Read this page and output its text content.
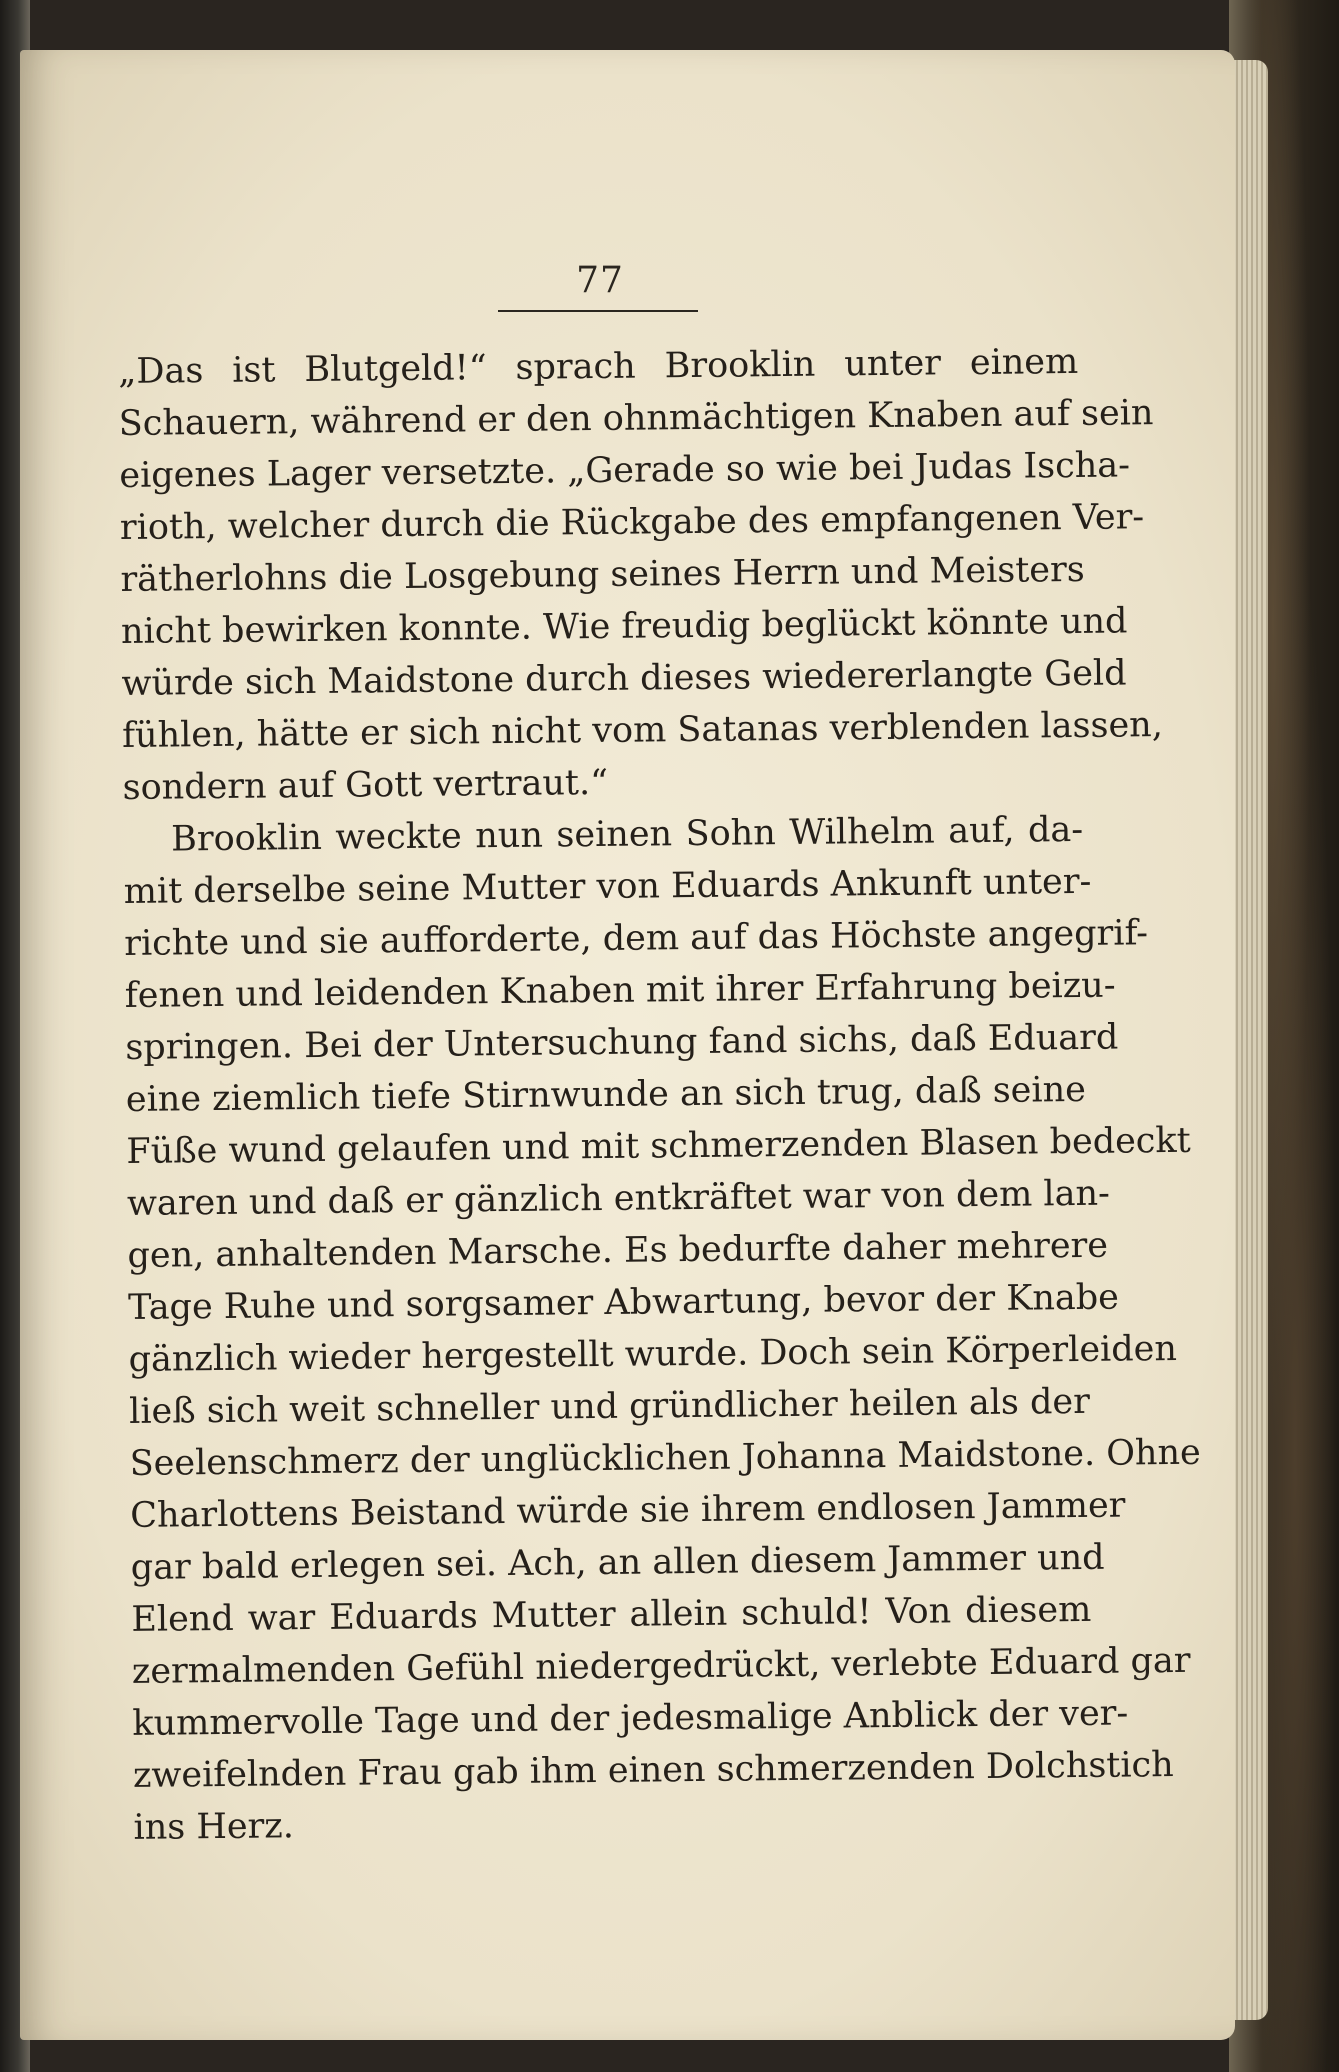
77
„Das ist Blutgeld!“ sprach Brooklin unter einem
Schauern, während er den ohnmächtigen Knaben auf sein
eigenes Lager versetzte. „Gerade so wie bei Judas Ischa-
rioth, welcher durch die Rückgabe des empfangenen Ver-
rätherlohns die Losgebung seines Herrn und Meisters
nicht bewirken konnte. Wie freudig beglückt könnte und
würde sich Maidstone durch dieses wiedererlangte Geld
fühlen, hätte er sich nicht vom Satanas verblenden lassen,
sondern auf Gott vertraut.“
Brooklin weckte nun seinen Sohn Wilhelm auf, da-
mit derselbe seine Mutter von Eduards Ankunft unter-
richte und sie aufforderte, dem auf das Höchste angegrif-
fenen und leidenden Knaben mit ihrer Erfahrung beizu-
springen. Bei der Untersuchung fand sichs, daß Eduard
eine ziemlich tiefe Stirnwunde an sich trug, daß seine
Füße wund gelaufen und mit schmerzenden Blasen bedeckt
waren und daß er gänzlich entkräftet war von dem lan-
gen, anhaltenden Marsche. Es bedurfte daher mehrere
Tage Ruhe und sorgsamer Abwartung, bevor der Knabe
gänzlich wieder hergestellt wurde. Doch sein Körperleiden
ließ sich weit schneller und gründlicher heilen als der
Seelenschmerz der unglücklichen Johanna Maidstone. Ohne
Charlottens Beistand würde sie ihrem endlosen Jammer
gar bald erlegen sei. Ach, an allen diesem Jammer und
Elend war Eduards Mutter allein schuld! Von diesem
zermalmenden Gefühl niedergedrückt, verlebte Eduard gar
kummervolle Tage und der jedesmalige Anblick der ver-
zweifelnden Frau gab ihm einen schmerzenden Dolchstich
ins Herz.
